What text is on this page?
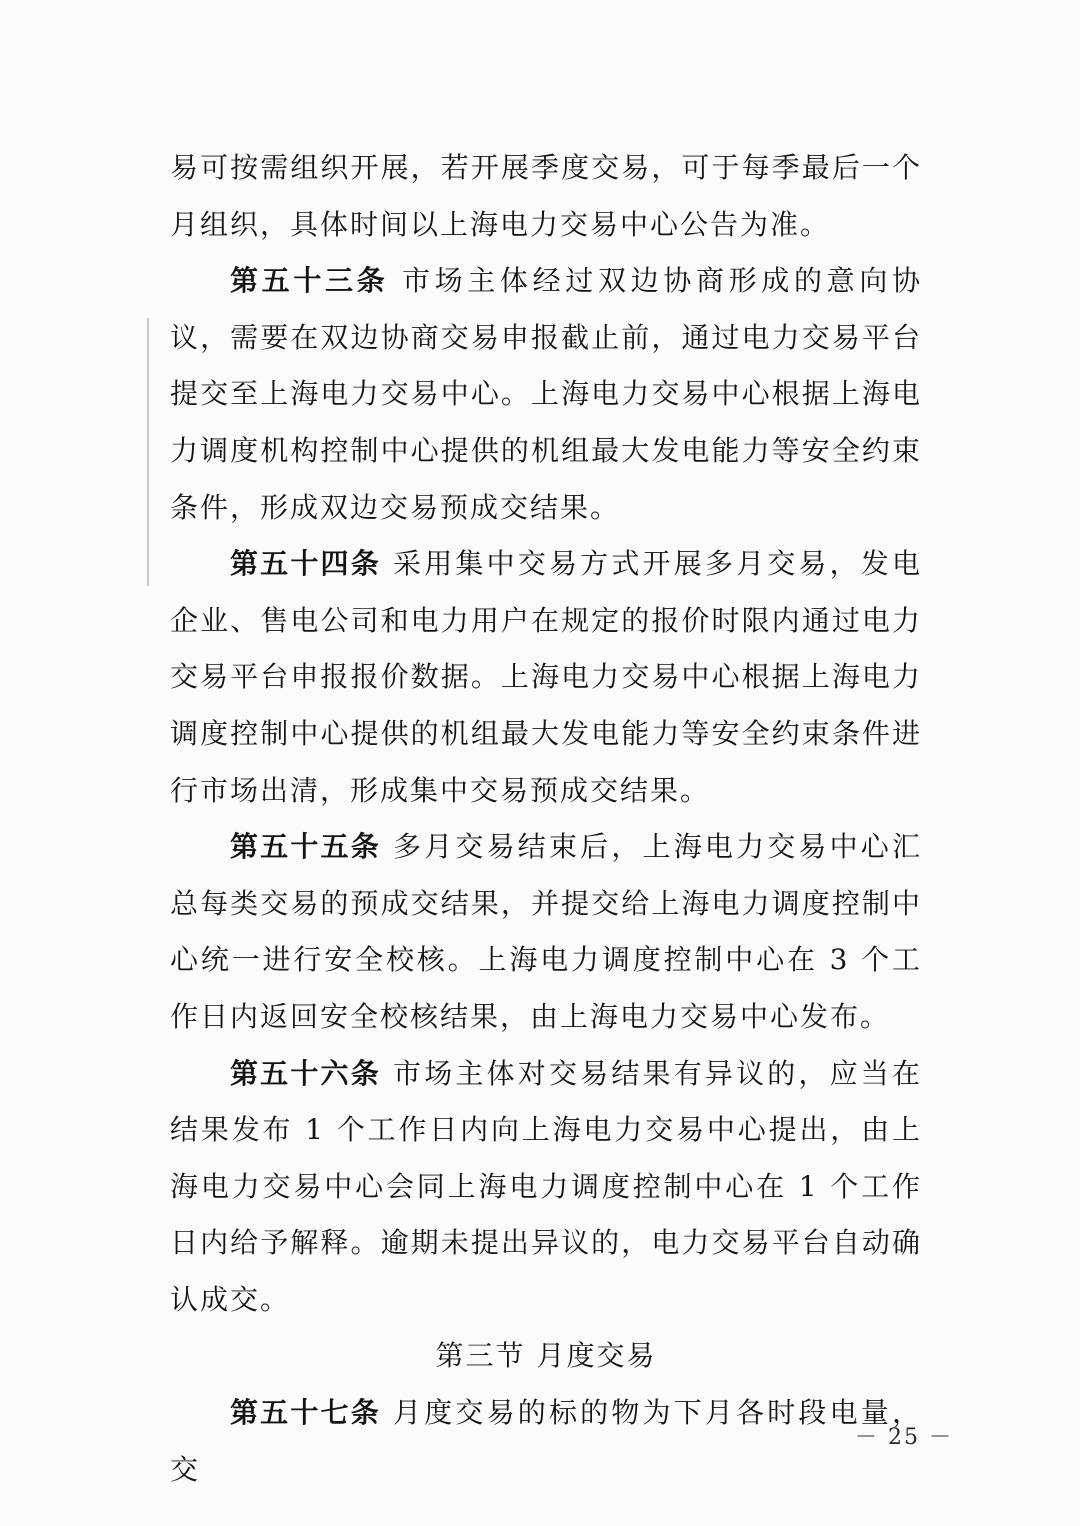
易可按需组织开展，若开展季度交易，可于每季最后一个月组织，具体时间以上海电力交易中心公告为准。

第五十三条 市场主体经过双边协商形成的意向协议，需要在双边协商交易申报截止前，通过电力交易平台提交至上海电力交易中心。上海电力交易中心根据上海电力调度机构控制中心提供的机组最大发电能力等安全约束条件，形成双边交易预成交结果。

第五十四条 采用集中交易方式开展多月交易，发电企业、售电公司和电力用户在规定的报价时限内通过电力交易平台申报报价数据。上海电力交易中心根据上海电力调度控制中心提供的机组最大发电能力等安全约束条件进行市场出清，形成集中交易预成交结果。

第五十五条 多月交易结束后，上海电力交易中心汇总每类交易的预成交结果，并提交给上海电力调度控制中心统一进行安全校核。上海电力调度控制中心在 3 个工作日内返回安全校核结果，由上海电力交易中心发布。

第五十六条 市场主体对交易结果有异议的，应当在结果发布 1 个工作日内向上海电力交易中心提出，由上海电力交易中心会同上海电力调度控制中心在 1 个工作日内给予解释。逾期未提出异议的，电力交易平台自动确认成交。

第三节 月度交易

第五十七条 月度交易的标的物为下月各时段电量，交

－ 25 －
